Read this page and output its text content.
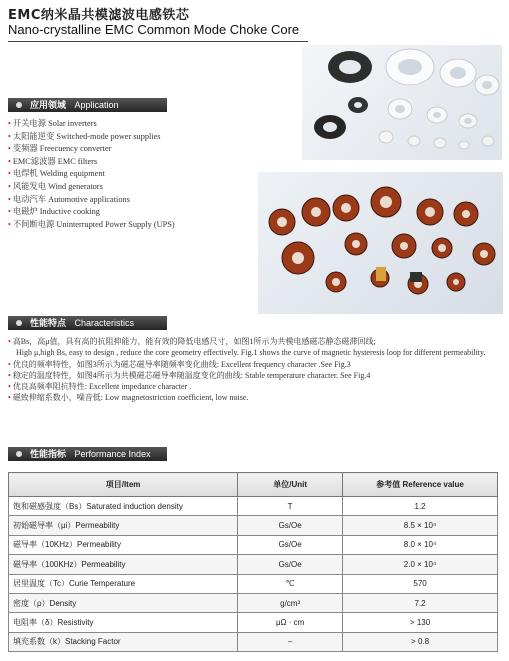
EMC纳米晶共模滤波电感铁芯
Nano-crystalline EMC Common Mode Choke Core
应用领域 Application
• 开关电源 Solar inverters
• 太阳能逆变 Switched-mode power supplies
• 变频器 Freecuency converter
• EMC滤波器 EMC filters
• 电焊机 Welding equipment
• 风能发电 Wind generators
• 电动汽车 Automotive applications
• 电磁炉 Inductive cooking
• 不间断电源 Uninterrupted Power Supply (UPS)
性能特点 Characteristics

• 高Bs，高μ值，具有高的抗阻抑能力，能有效的降低电感尺寸，如图1所示为共模电感磁芯静态磁滞回线;

High μ,high Bs, easy to design , reduce the core geometry effectively. Fig.1 shows the curve of magnetic hysteresis loop for different permeability.

• 优良的频率特性，如图3所示为磁芯磁导率随频率变化曲线: Excellent frequency character .See Fig.3

• 稳定的温度特性，如图4所示为共模磁芯磁导率随温度变化的曲线: Stable temperature character. See Fig.4

• 优良高频率阻抗特性: Excellent impedance character .

• 磁致伸缩系数小，噪音低: Low magnetostriction coefficient, low noise.

性能指标 Performance Index
项目/Item	单位/Unit	参考值 Reference value
饱和磁感强度（Bs）Saturated induction density	T	1.2
初始磁导率（μi）Permeability	Gs/Oe	8.5 × 10⁴
磁导率（10KHz）Permeability	Gs/Oe	8.0 × 10⁴
磁导率（100KHz）Permeability	Gs/Oe	2.0 × 10⁴
居里温度（Tc）Curie Temperature	℃	570
密度（ρ）Density	g/cm³	7.2
电阻率（δ）Resistivity	μΩ · cm	> 130
填充系数（k）Stacking Factor	–	> 0.8
